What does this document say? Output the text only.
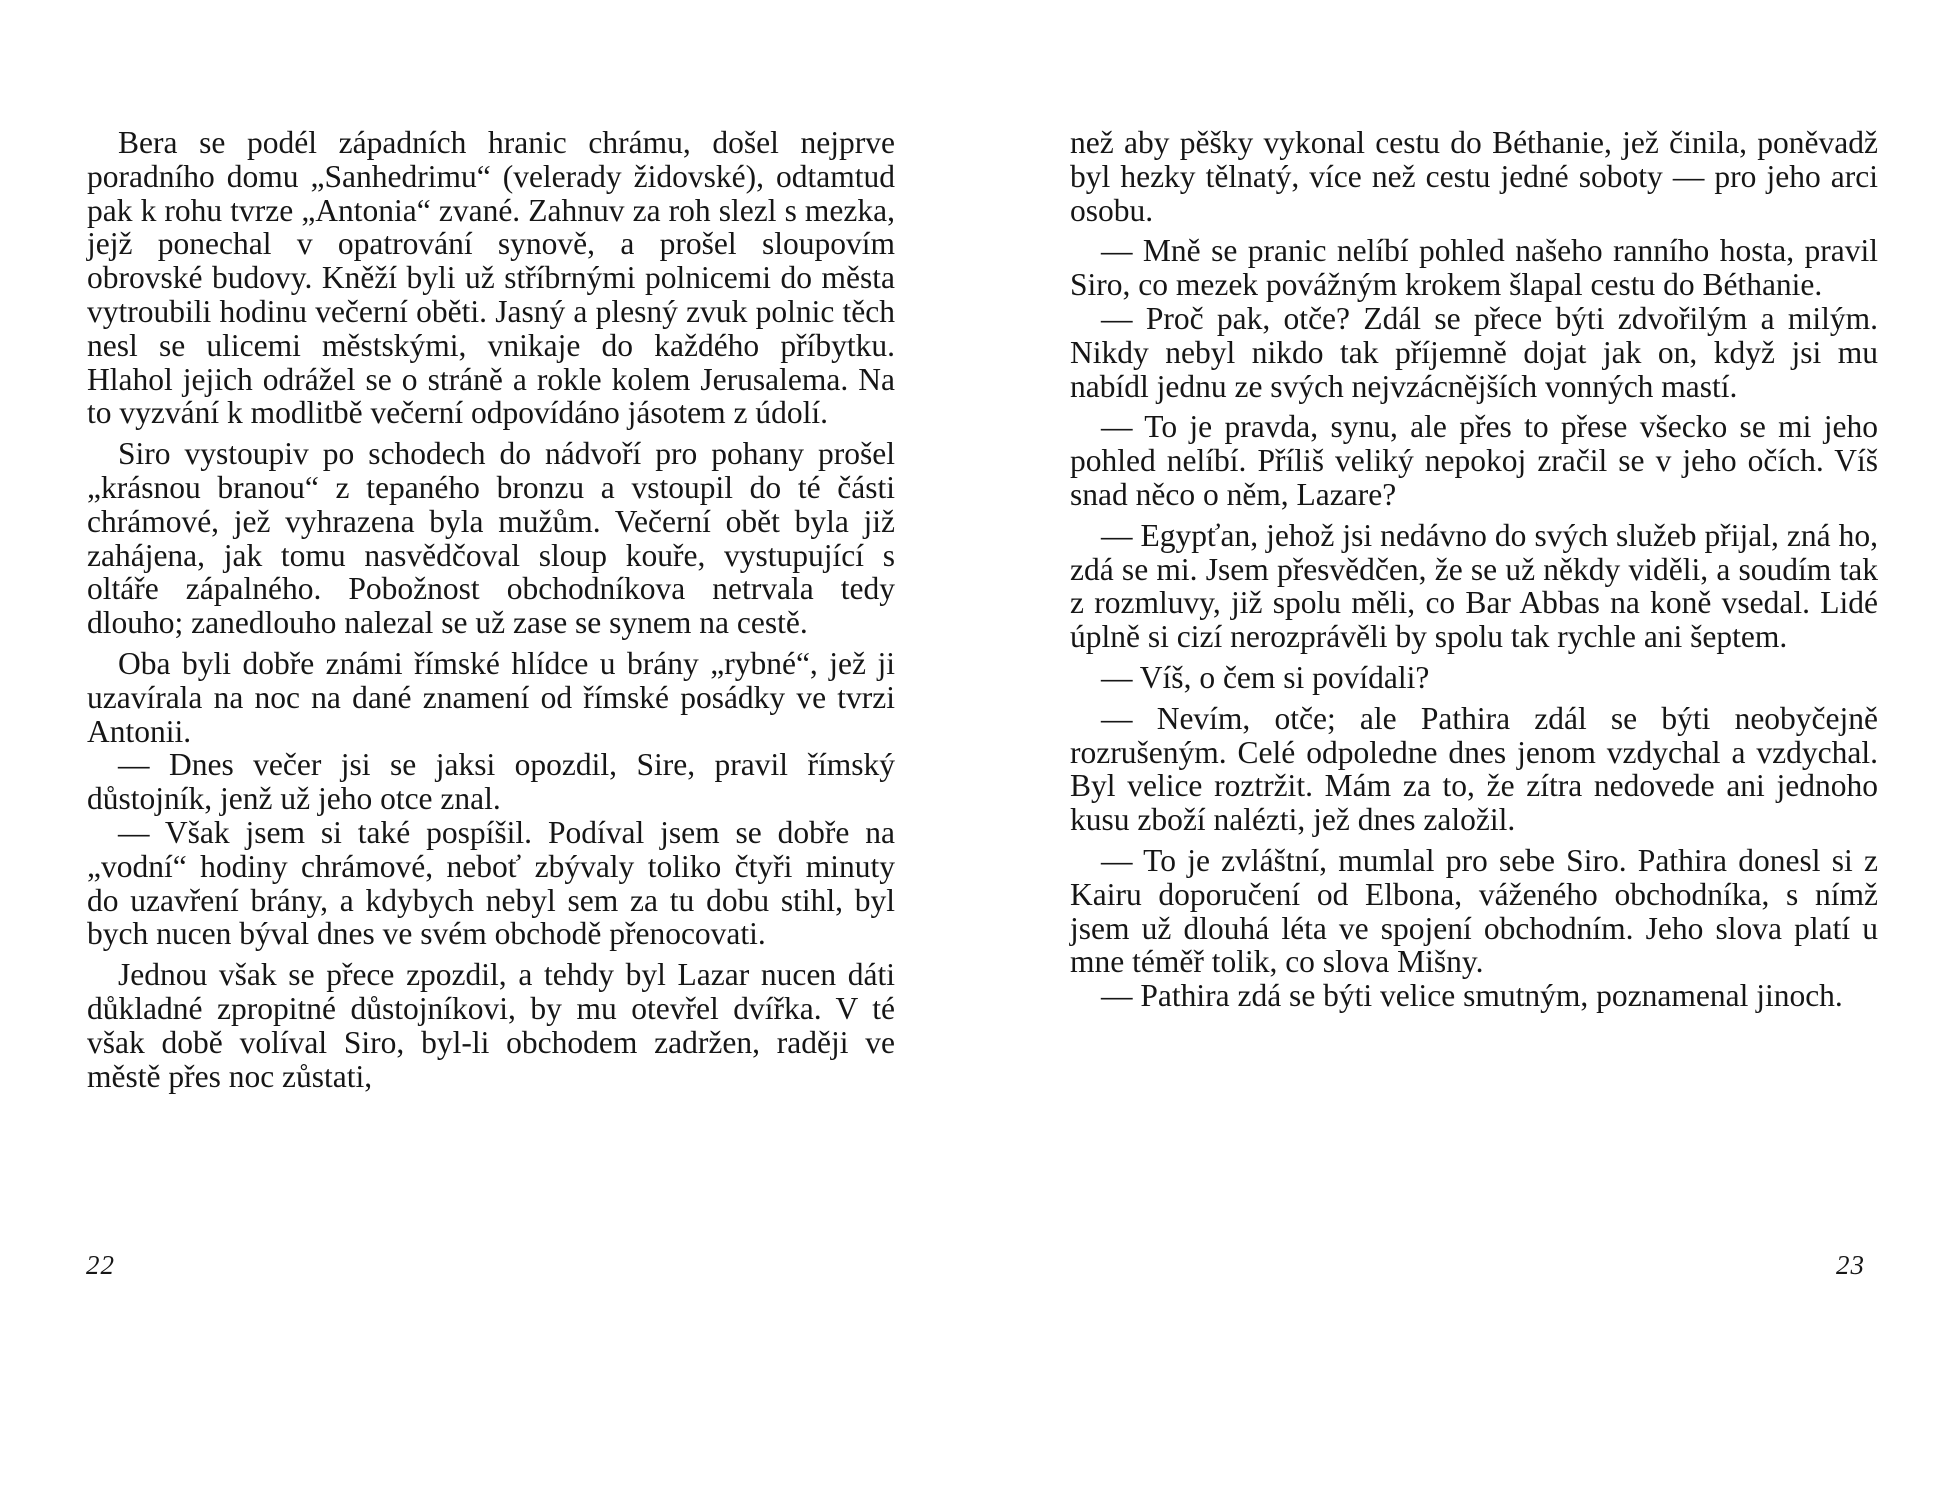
Bera se podél západních hranic chrámu, došel nejprve poradního domu „Sanhedrimu“ (velerady židovské), odtamtud pak k rohu tvrze „Antonia“ zvané. Zahnuv za roh slezl s mezka, jejž ponechal v opatrování synově, a prošel sloupovím obrovské budovy. Kněží byli už stříbrnými polnicemi do města vytroubili hodinu večerní oběti. Jasný a plesný zvuk polnic těch nesl se ulicemi městskými, vnikaje do každého příbytku. Hlahol jejich odrážel se o stráně a rokle kolem Jerusalema. Na to vyzvání k modlitbě večerní odpovídáno jásotem z údolí.

Siro vystoupiv po schodech do nádvoří pro pohany prošel „krásnou branou“ z tepaného bronzu a vstoupil do té části chrámové, jež vyhrazena byla mužům. Večerní obět byla již zahájena, jak tomu nasvědčoval sloup kouře, vystupující s oltáře zápalného. Pobožnost obchodníkova netrvala tedy dlouho; zanedlouho nalezal se už zase se synem na cestě.

Oba byli dobře známi římské hlídce u brány „rybné“, jež ji uzavírala na noc na dané znamení od římské posádky ve tvrzi Antonii.

— Dnes večer jsi se jaksi opozdil, Sire, pravil římský důstojník, jenž už jeho otce znal.

— Však jsem si také pospíšil. Podíval jsem se dobře na „vodní“ hodiny chrámové, neboť zbývaly toliko čtyři minuty do uzavření brány, a kdybych nebyl sem za tu dobu stihl, byl bych nucen býval dnes ve svém obchodě přenocovati.

Jednou však se přece zpozdil, a tehdy byl Lazar nucen dáti důkladné zpropitné důstojníkovi, by mu otevřel dvířka. V té však době volíval Siro, byl-li obchodem zadržen, raději ve městě přes noc zůstati,

22

než aby pěšky vykonal cestu do Béthanie, jež činila, poněvadž byl hezky tělnatý, více než cestu jedné soboty — pro jeho arci osobu.

— Mně se pranic nelíbí pohled našeho ranního hosta, pravil Siro, co mezek povážným krokem šlapal cestu do Béthanie.

— Proč pak, otče? Zdál se přece býti zdvořilým a milým. Nikdy nebyl nikdo tak příjemně dojat jak on, když jsi mu nabídl jednu ze svých nejvzácnějších vonných mastí.

— To je pravda, synu, ale přes to přese všecko se mi jeho pohled nelíbí. Příliš veliký nepokoj zračil se v jeho očích. Víš snad něco o něm, Lazare?

— Egypťan, jehož jsi nedávno do svých služeb přijal, zná ho, zdá se mi. Jsem přesvědčen, že se už někdy viděli, a soudím tak z rozmluvy, již spolu měli, co Bar Abbas na koně vsedal. Lidé úplně si cizí nerozprávěli by spolu tak rychle ani šeptem.

— Víš, o čem si povídali?

— Nevím, otče; ale Pathira zdál se býti neobyčejně rozrušeným. Celé odpoledne dnes jenom vzdychal a vzdychal. Byl velice roztržit. Mám za to, že zítra nedovede ani jednoho kusu zboží nalézti, jež dnes založil.

— To je zvláštní, mumlal pro sebe Siro. Pathira donesl si z Kairu doporučení od Elbona, váženého obchodníka, s nímž jsem už dlouhá léta ve spojení obchodním. Jeho slova platí u mne téměř tolik, co slova Mišny.

— Pathira zdá se býti velice smutným, poznamenal jinoch.

23
